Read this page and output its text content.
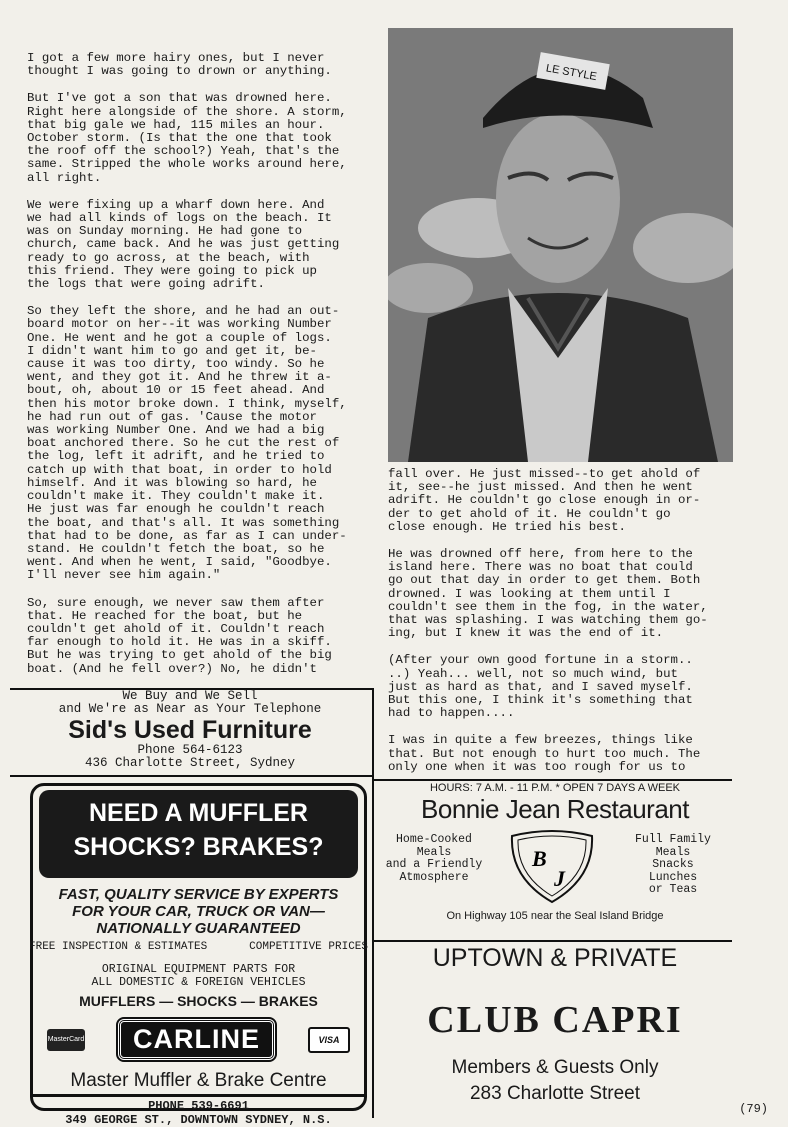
I got a few more hairy ones, but I never
thought I was going to drown or anything.

But I've got a son that was drowned here.
Right here alongside of the shore. A storm,
that big gale we had, 115 miles an hour.
October storm. (Is that the one that took
the roof off the school?) Yeah, that's the
same. Stripped the whole works around here,
all right.

We were fixing up a wharf down here. And
we had all kinds of logs on the beach. It
was on Sunday morning. He had gone to
church, came back. And he was just getting
ready to go across, at the beach, with
this friend. They were going to pick up
the logs that were going adrift.

So they left the shore, and he had an out-
board motor on her--it was working Number
One. He went and he got a couple of logs.
I didn't want him to go and get it, be-
cause it was too dirty, too windy. So he
went, and they got it. And he threw it a-
bout, oh, about 10 or 15 feet ahead. And
then his motor broke down. I think, myself,
he had run out of gas. 'Cause the motor
was working Number One. And we had a big
boat anchored there. So he cut the rest of
the log, left it adrift, and he tried to
catch up with that boat, in order to hold
himself. And it was blowing so hard, he
couldn't make it. They couldn't make it.
He just was far enough he couldn't reach
the boat, and that's all. It was something
that had to be done, as far as I can under-
stand. He couldn't fetch the boat, so he
went. And when he went, I said, "Goodbye.
I'll never see him again."

So, sure enough, we never saw them after
that. He reached for the boat, but he
couldn't get ahold of it. Couldn't reach
far enough to hold it. He was in a skiff.
But he was trying to get ahold of the big
boat. (And he fell over?) No, he didn't

LE STYLE

fall over. He just missed--to get ahold of
it, see--he just missed. And then he went
adrift. He couldn't go close enough in or-
der to get ahold of it. He couldn't go
close enough. He tried his best.

He was drowned off here, from here to the
island here. There was no boat that could
go out that day in order to get them. Both
drowned. I was looking at them until I
couldn't see them in the fog, in the water,
that was splashing. I was watching them go-
ing, but I knew it was the end of it.

(After your own good fortune in a storm..
..) Yeah... well, not so much wind, but
just as hard as that, and I saved myself.
But this one, I think it's something that
had to happen....

I was in quite a few breezes, things like
that. But not enough to hurt too much. The
only one when it was too rough for us to

We Buy and We Sell
and We're as Near as Your Telephone
Sid's Used Furniture
Phone 564-6123
436 Charlotte Street, Sydney
NEED A MUFFLER
SHOCKS? BRAKES?
FAST, QUALITY SERVICE BY EXPERTS
FOR YOUR CAR, TRUCK OR VAN—
NATIONALLY GUARANTEED
FREE INSPECTION & ESTIMATES	COMPETITIVE PRICES
ORIGINAL EQUIPMENT PARTS FOR
ALL DOMESTIC & FOREIGN VEHICLES
MUFFLERS — SHOCKS — BRAKES
MasterCard	CARLINE	VISA
Master Muffler & Brake Centre
PHONE 539-6691
349 GEORGE ST., DOWNTOWN SYDNEY, N.S.
HOURS: 7 A.M. - 11 P.M. * OPEN 7 DAYS A WEEK
Bonnie Jean Restaurant
Home-Cooked
Meals
and a Friendly
Atmosphere
B
J
Full Family Meals
Snacks
Lunches
or Teas
On Highway 105 near the Seal Island Bridge
UPTOWN & PRIVATE
CLUB CAPRI
Members & Guests Only
283 Charlotte Street
(79)
